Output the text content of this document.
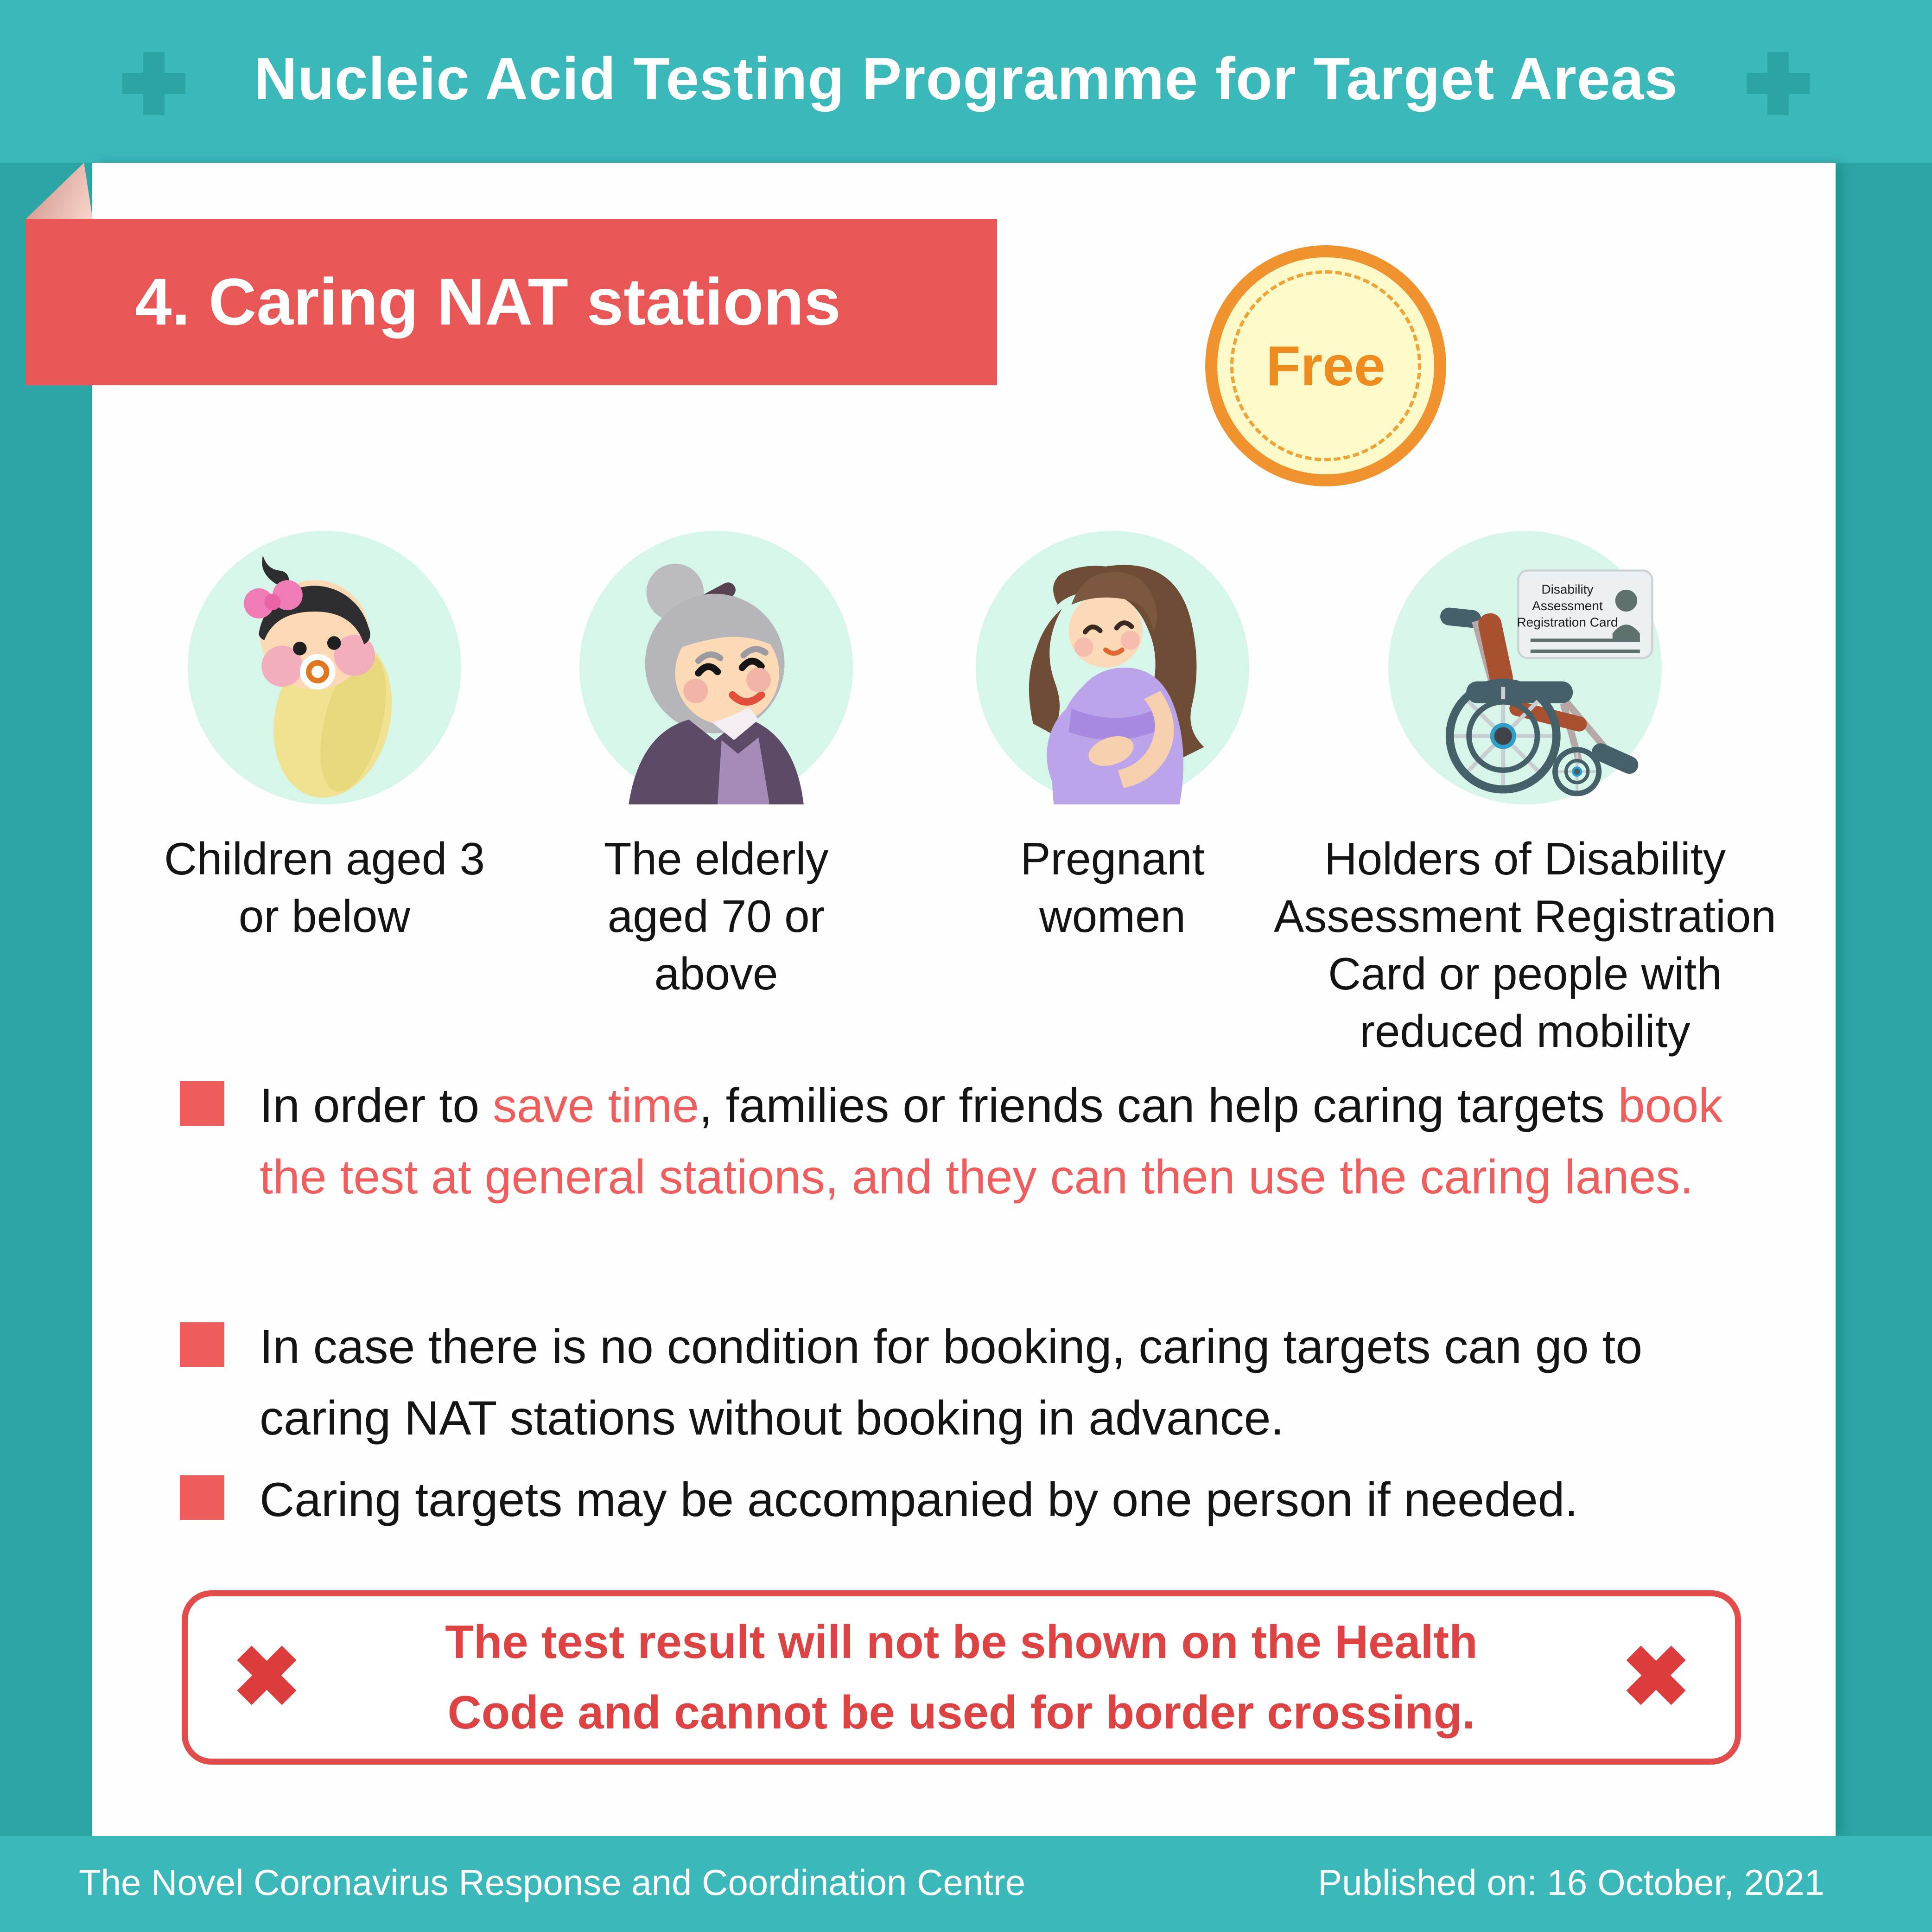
Nucleic Acid Testing Programme for Target Areas
4. Caring NAT stations
Free
Disability
Assessment
Registration Card
Children aged 3
or below
The elderly
aged 70 or
above
Pregnant
women
Holders of Disability
Assessment Registration
Card or people with
reduced mobility
In order to save time, families or friends can help caring targets book the test at general stations, and they can then use the caring lanes.
In case there is no condition for booking, caring targets can go to caring NAT stations without booking in advance.
Caring targets may be accompanied by one person if needed.
✖	The test result will not be shown on the Health
Code and cannot be used for border crossing. ✖
The Novel Coronavirus Response and Coordination Centre	Published on: 16 October, 2021
